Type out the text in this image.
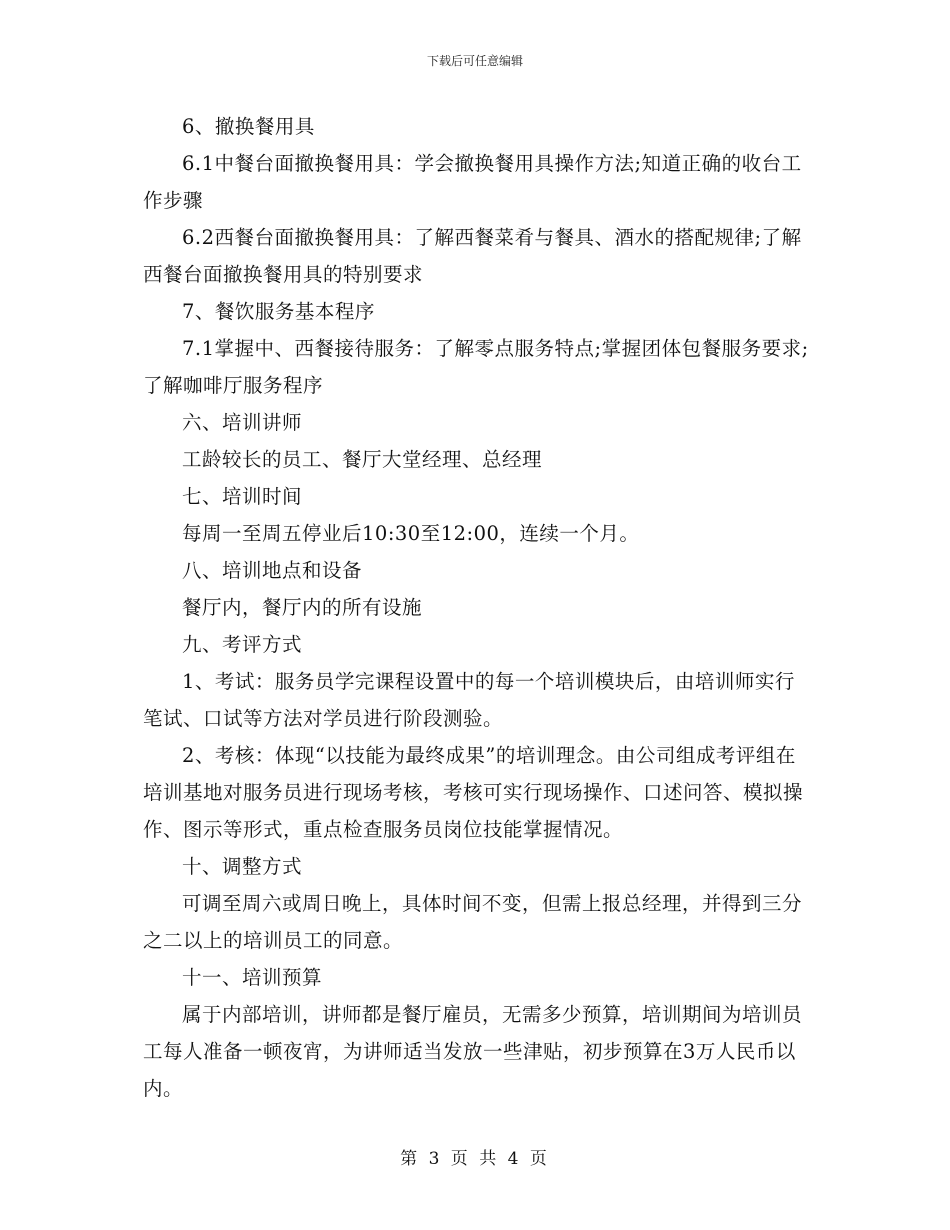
下载后可任意编辑

6、撤换餐用具

6.1中餐台面撤换餐用具：学会撤换餐用具操作方法;知道正确的收台工作步骤

6.2西餐台面撤换餐用具：了解西餐菜肴与餐具、酒水的搭配规律;了解西餐台面撤换餐用具的特别要求

7、餐饮服务基本程序

7.1掌握中、西餐接待服务：了解零点服务特点;掌握团体包餐服务要求;了解咖啡厅服务程序

六、培训讲师

工龄较长的员工、餐厅大堂经理、总经理

七、培训时间

每周一至周五停业后10:30至12:00，连续一个月。

八、培训地点和设备

餐厅内，餐厅内的所有设施

九、考评方式

1、考试：服务员学完课程设置中的每一个培训模块后，由培训师实行笔试、口试等方法对学员进行阶段测验。

2、考核：体现“以技能为最终成果”的培训理念。由公司组成考评组在培训基地对服务员进行现场考核，考核可实行现场操作、口述问答、模拟操作、图示等形式，重点检查服务员岗位技能掌握情况。

十、调整方式

可调至周六或周日晚上，具体时间不变，但需上报总经理，并得到三分之二以上的培训员工的同意。

十一、培训预算

属于内部培训，讲师都是餐厅雇员，无需多少预算，培训期间为培训员工每人准备一顿夜宵，为讲师适当发放一些津贴，初步预算在3万人民币以内。

第 3 页 共 4 页
